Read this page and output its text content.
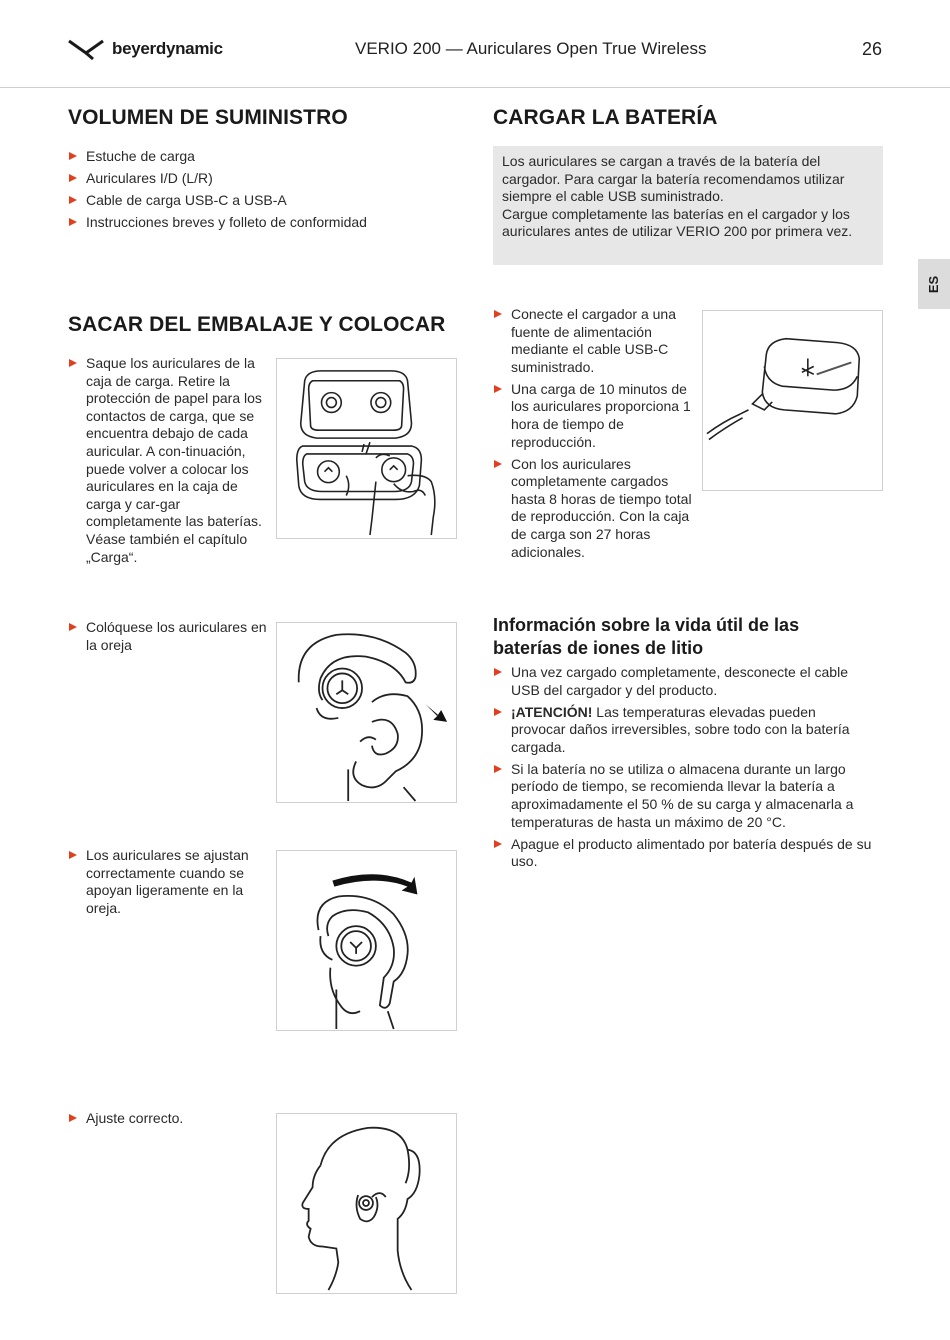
beyerdynamic	VERIO 200 — Auriculares Open True Wireless	26
ES
VOLUMEN DE SUMINISTRO
Estuche de carga
Auriculares I/D (L/R)
Cable de carga USB-C a USB-A
Instrucciones breves y folleto de conformidad
SACAR DEL EMBALAJE Y COLOCAR
Saque los auriculares de la caja de carga. Retire la protección de papel para los contactos de carga, que se encuentra debajo de cada auricular. A con-tinuación, puede volver a colocar los auriculares en la caja de carga y car-gar completamente las baterías. Véase también el capítulo „Carga“.
Colóquese los auriculares en la oreja
Los auriculares se ajustan correctamente cuando se apoyan ligeramente en la oreja.
Ajuste correcto.
CARGAR LA BATERÍA
Los auriculares se cargan a través de la batería del cargador. Para cargar la batería recomendamos utilizar siempre el cable USB suministrado.
Cargue completamente las baterías en el cargador y los auriculares antes de utilizar VERIO 200 por primera vez.
Conecte el cargador a una fuente de alimentación mediante el cable USB-C suministrado.
Una carga de 10 minutos de los auriculares proporciona 1 hora de tiempo de reproducción.
Con los auriculares completamente cargados hasta 8 horas de tiempo total de reproducción. Con la caja de carga son 27 horas adicionales.
Información sobre la vida útil de las baterías de iones de litio
Una vez cargado completamente, desconecte el cable USB del cargador y del producto.
¡ATENCIÓN! Las temperaturas elevadas pueden provocar daños irreversibles, sobre todo con la batería cargada.
Si la batería no se utiliza o almacena durante un largo período de tiempo, se recomienda llevar la batería a aproximadamente el 50 % de su carga y almacenarla a temperaturas de hasta un máximo de 20 °C.
Apague el producto alimentado por batería después de su uso.
